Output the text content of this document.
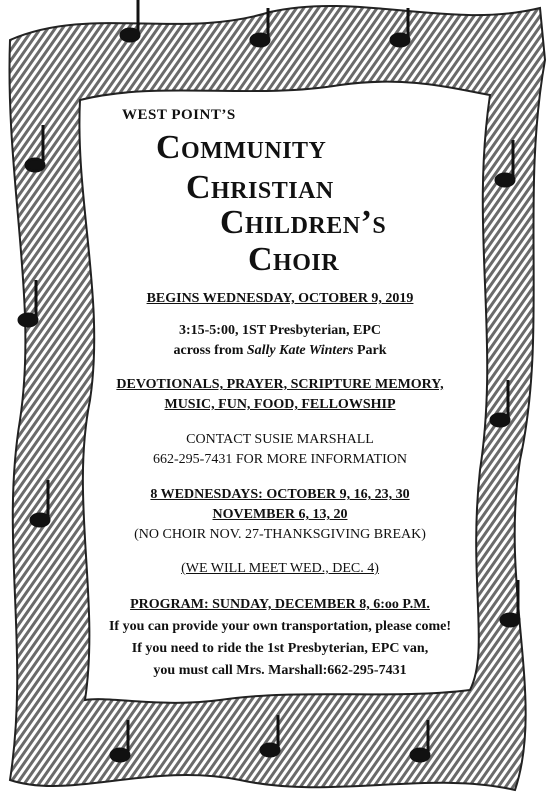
WEST POINT’S
Community
Christian
Children’s
Choir
BEGINS WEDNESDAY, OCTOBER 9, 2019
3:15-5:00, 1ST Presbyterian, EPC
across from Sally Kate Winters Park
DEVOTIONALS, PRAYER, SCRIPTURE MEMORY,
MUSIC, FUN, FOOD, FELLOWSHIP
CONTACT SUSIE MARSHALL
662-295-7431 FOR MORE INFORMATION
8 WEDNESDAYS: OCTOBER 9, 16, 23, 30
NOVEMBER 6, 13, 20
(NO CHOIR NOV. 27-THANKSGIVING BREAK)
(WE WILL MEET WED., DEC. 4)
PROGRAM: SUNDAY, DECEMBER 8, 6:oo P.M.
If you can provide your own transportation, please come!
If you need to ride the 1st Presbyterian, EPC van,
you must call Mrs. Marshall:662-295-7431
